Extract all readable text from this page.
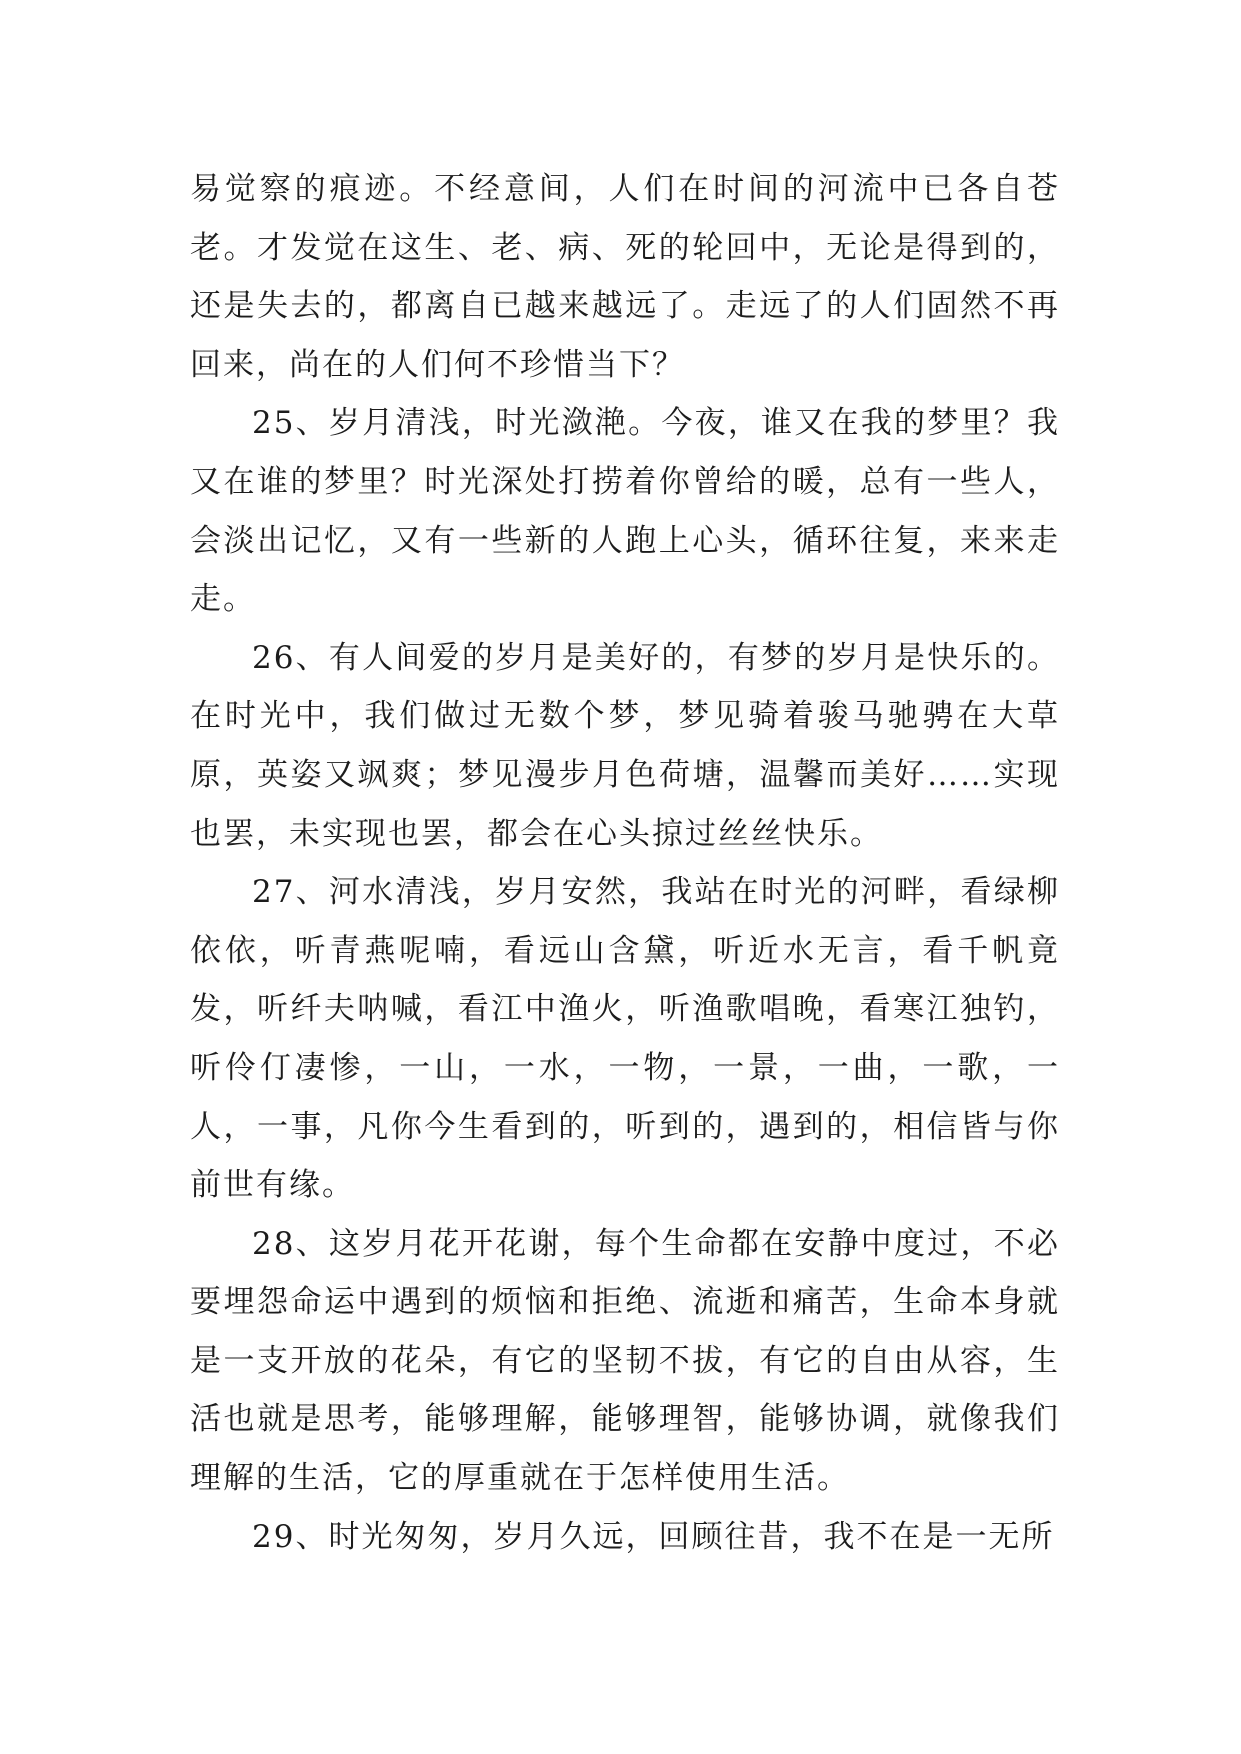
易觉察的痕迹。不经意间，人们在时间的河流中已各自苍老。才发觉在这生、老、病、死的轮回中，无论是得到的，还是失去的，都离自已越来越远了。走远了的人们固然不再回来，尚在的人们何不珍惜当下？

25、岁月清浅，时光潋滟。今夜，谁又在我的梦里？我又在谁的梦里？时光深处打捞着你曾给的暖，总有一些人，会淡出记忆，又有一些新的人跑上心头，循环往复，来来走走。

26、有人间爱的岁月是美好的，有梦的岁月是快乐的。在时光中，我们做过无数个梦，梦见骑着骏马驰骋在大草原，英姿又飒爽；梦见漫步月色荷塘，温馨而美好……实现也罢，未实现也罢，都会在心头掠过丝丝快乐。

27、河水清浅，岁月安然，我站在时光的河畔，看绿柳依依，听青燕呢喃，看远山含黛，听近水无言，看千帆竟发，听纤夫呐喊，看江中渔火，听渔歌唱晚，看寒江独钓，听伶仃凄惨，一山，一水，一物，一景，一曲，一歌，一人，一事，凡你今生看到的，听到的，遇到的，相信皆与你前世有缘。

28、这岁月花开花谢，每个生命都在安静中度过，不必要埋怨命运中遇到的烦恼和拒绝、流逝和痛苦，生命本身就是一支开放的花朵，有它的坚韧不拔，有它的自由从容，生活也就是思考，能够理解，能够理智，能够协调，就像我们理解的生活，它的厚重就在于怎样使用生活。

29、时光匆匆，岁月久远，回顾往昔，我不在是一无所
